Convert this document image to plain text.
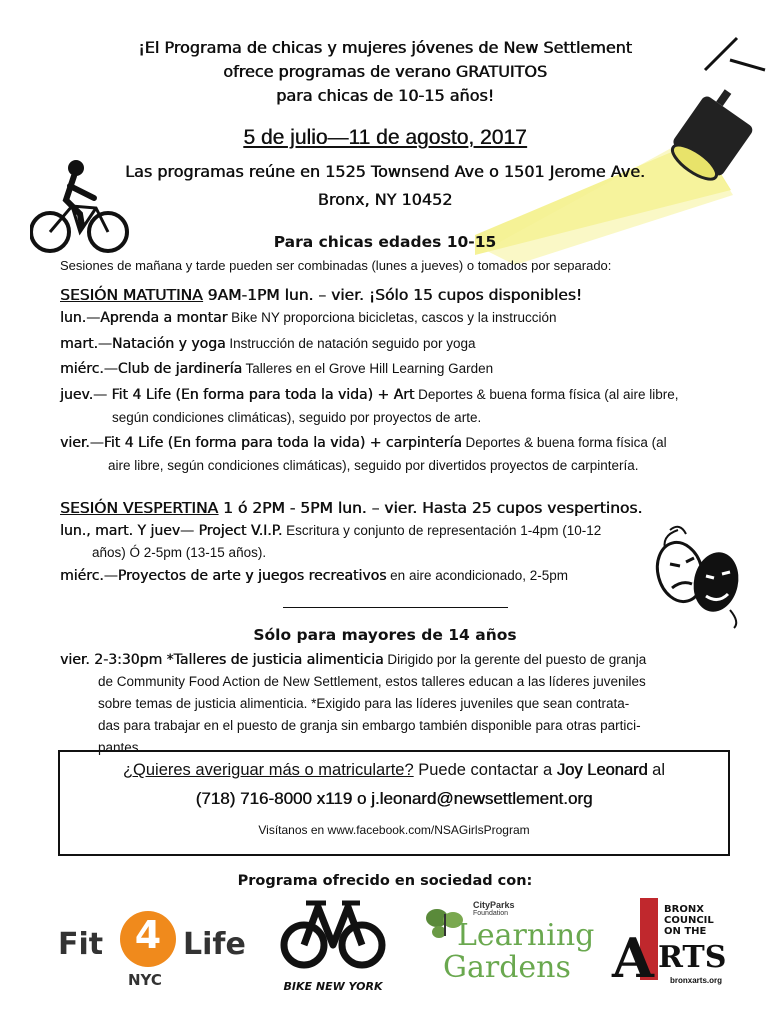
¡El Programa de chicas y mujeres jóvenes de New Settlement
ofrece programas de verano GRATUITOS
para chicas de 10-15 años!
5 de julio—11 de agosto, 2017
Las programas reúne en 1525 Townsend Ave o 1501 Jerome Ave.
Bronx, NY 10452
Para chicas edades 10-15
Sesiones de mañana y tarde pueden ser combinadas (lunes a jueves) o tomados por separado:
SESIÓN MATUTINA 9AM-1PM lun. – vier. ¡Sólo 15 cupos disponibles!
lun.—Aprenda a montar Bike NY proporciona bicicletas, cascos y la instrucción
mart.—Natación y yoga Instrucción de natación seguido por yoga
miérc.—Club de jardinería Talleres en el Grove Hill Learning Garden
juev.— Fit 4 Life (En forma para toda la vida) + Art Deportes & buena forma física (al aire libre,
según condiciones climáticas), seguido por proyectos de arte.
vier.—Fit 4 Life (En forma para toda la vida) + carpintería Deportes & buena forma física (al
aire libre, según condiciones climáticas), seguido por divertidos proyectos de carpintería.
SESIÓN VESPERTINA 1 ó 2PM - 5PM lun. – vier. Hasta 25 cupos vespertinos.
lun., mart. Y juev— Project V.I.P. Escritura y conjunto de representación 1-4pm (10-12
años) Ó 2-5pm (13-15 años).
miérc.—Proyectos de arte y juegos recreativos en aire acondicionado, 2-5pm
Sólo para mayores de 14 años
vier. 2-3:30pm *Talleres de justicia alimenticia Dirigido por la gerente del puesto de granja
de Community Food Action de New Settlement, estos talleres educan a las líderes juveniles
sobre temas de justicia alimenticia. *Exigido para las líderes juveniles que sean contrata-
das para trabajar en el puesto de granja sin embargo también disponible para otras partici-
pantes.
¿Quieres averiguar más o matricularte? Puede contactar a Joy Leonard al
(718) 716-8000 x119 o j.leonard@newsettlement.org
Visítanos en www.facebook.com/NSAGirlsProgram
Programa ofrecido en sociedad con:
Fit 4 Life
NYC	BIKE NEW YORK
CityParks
Foundation
Learning
Gardens A
BRONX
COUNCIL
ON THE
RTS
bronxarts.org
